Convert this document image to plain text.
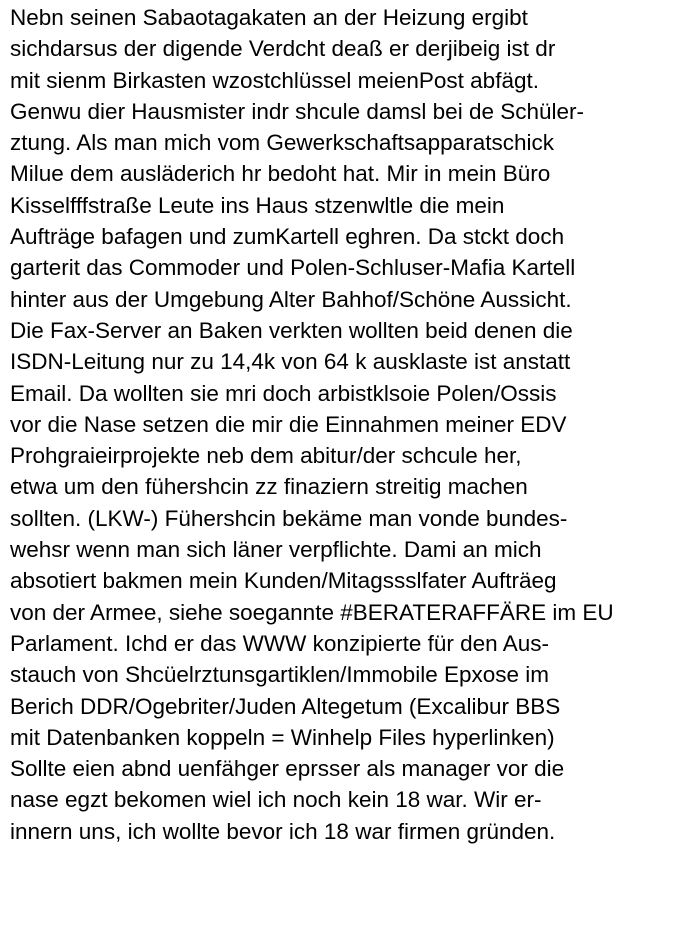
Nebn seinen Sabaotagakaten an der Heizung ergibt
sichdarsus der digende Verdcht deaß er derjibeig ist dr
mit sienm Birkasten wzostchlüssel meienPost abfägt.
Genwu dier Hausmister indr shcule damsl bei de Schüler-
ztung. Als man mich vom Gewerkschaftsapparatschick
Milue dem ausläderich hr bedoht hat. Mir in mein Büro
Kisselfffstraße Leute ins Haus stzenwltle die mein
Aufträge bafagen und zumKartell eghren. Da stckt doch
garterit das Commoder und Polen-Schluser-Mafia Kartell
hinter aus der Umgebung Alter Bahhof/Schöne Aussicht.
Die Fax-Server an Baken verkten wollten beid denen die
ISDN-Leitung nur zu 14,4k von 64 k ausklaste ist anstatt
Email. Da wollten sie mri doch arbistklsoie Polen/Ossis
vor die Nase setzen die mir die Einnahmen meiner EDV
Prohgraieirprojekte neb dem abitur/der schcule her,
etwa um den fühershcin zz finaziern streitig machen
sollten. (LKW-) Fühershcin bekäme man vonde bundes-
wehsr wenn man sich läner verpflichte. Dami an mich
absotiert bakmen mein Kunden/Mitagssslfater Aufträeg
von der Armee, siehe soegannte #BERATERAFFÄRE im EU
Parlament. Ichd er das WWW konzipierte für den Aus-
stauch von Shcüelrztunsgartiklen/Immobile Epxose im
Berich DDR/Ogebriter/Juden Altegetum (Excalibur BBS
mit Datenbanken koppeln = Winhelp Files hyperlinken)
Sollte eien abnd uenfähger eprsser als manager vor die
nase egzt bekomen wiel ich noch kein 18 war. Wir er-
innern uns, ich wollte bevor ich 18 war firmen gründen.
